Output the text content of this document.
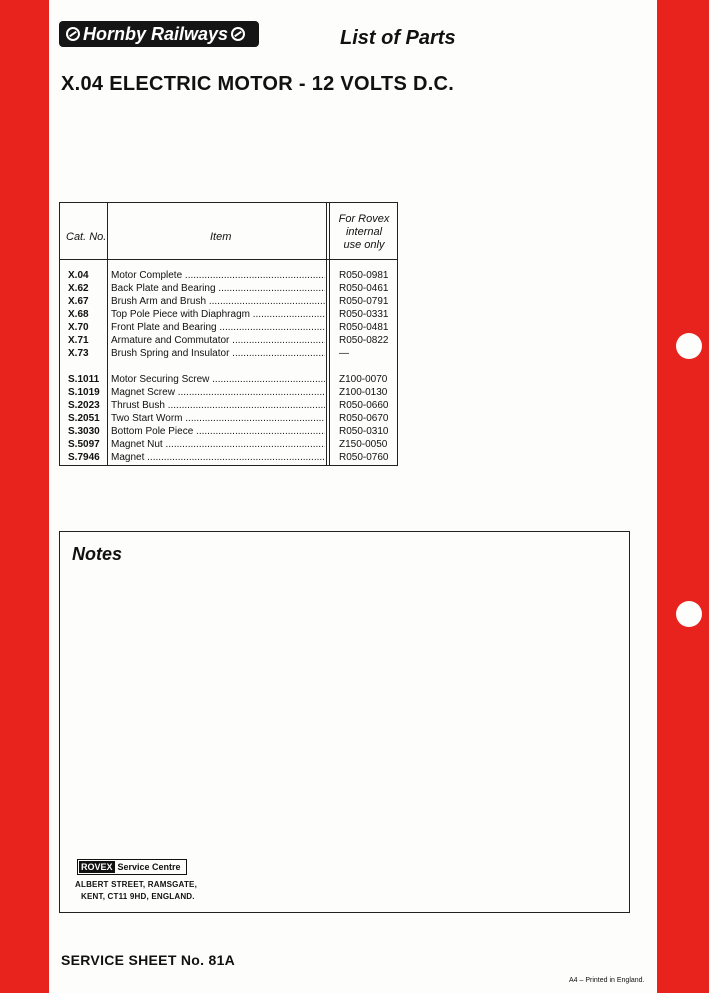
Hornby Railways	List of Parts
X.04 ELECTRIC MOTOR - 12 VOLTS D.C.
Cat. No.	Item
For Rovex
internal
use only
X.04 Motor Complete .....	R050-0981
X.62 Back Plate and Bearing .....	R050-0461
X.67 Brush Arm and Brush .....	R050-0791
X.68 Top Pole Piece with Diaphragm .....	R050-0331
X.70 Front Plate and Bearing .....	R050-0481
X.71 Armature and Commutator .....	R050-0822
X.73 Brush Spring and Insulator .....	—
S.1011 Motor Securing Screw .....	Z100-0070
S.1019 Magnet Screw .....	Z100-0130
S.2023 Thrust Bush .....	R050-0660
S.2051 Two Start Worm .....	R050-0670
S.3030 Bottom Pole Piece .....	R050-0310
S.5097 Magnet Nut .....	Z150-0050
S.7946 Magnet .....	R050-0760
Notes
ROVEX Service Centre
ALBERT STREET, RAMSGATE,
KENT, CT11 9HD, ENGLAND.
SERVICE SHEET No. 81A
A4 – Printed in England.
